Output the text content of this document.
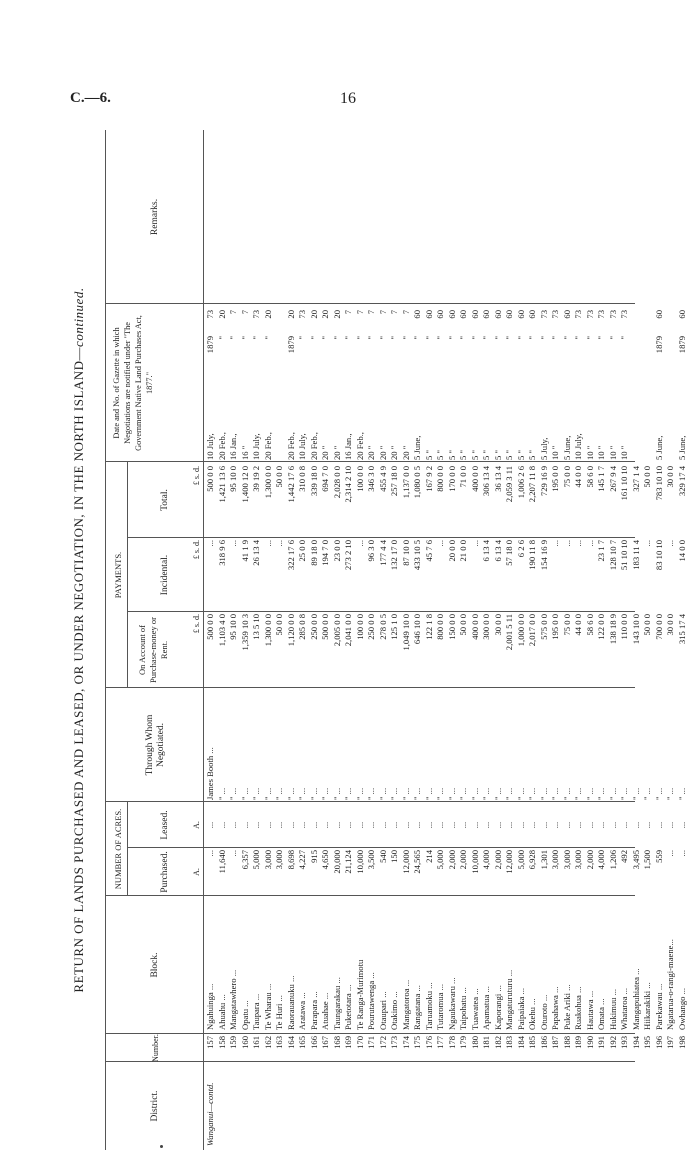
C.—6.	16
RETURN OF LANDS PURCHASED AND LEASED, OR UNDER NEGOTIATION, IN THE NORTH ISLAND—continued.
District.
Number.
Block.
NUMBER OF ACRES.	Purchased.
Leased.
Through Whom Negotiated.
PAYMENTS.
On Account of Purchase-money or Rent.
Incidental.
Total.
Date and No. of Gazette in which Negotiations are notified under "The Government Native Land Purchases Act, 1877."
Remarks.
A.
A.
£ s. d.
£ s. d.
£ s. d.
Wanganui—contd.
157
Ngahuinga ...
...
...
James Booth ...
500 0 0
...
500 0 0
10 July,
1879
73
158
Ahuahu ...
11,640
...
" ...
1,103 4 0
318 9 6
1,421 13 6
20 Feb.,
"
20
159
Mangatawhero ...
...
...
" ...
95 10 0
...
95 10 0
16 Jan.,
"
7
160
Opatu ...
6,357
...
" ...
1,359 10 3
41 1 9
1,400 12 0
16 "
"
7
161
Taupara ...
5,000
...
" ...
13 5 10
26 13 4
39 19 2
10 July,
"
73
162
Te Wharau ...
3,000
...
" ...
1,300 0 0
...
1,300 0 0
20 Feb.,
"
20
163
Te Huri ...
3,000
...
" ...
50 0 0
...
50 0 0
164
Raorauanuku ...
8,698
...
" ...
1,120 0 0
322 17 6
1,442 17 6
20 Feb.,
1879
20
165
Aratawa ...
4,227
...
" ...
285 0 8
25 0 0
310 0 8
10 July,
"
73
166
Parapara ...
915
...
" ...
250 0 0
89 18 0
339 18 0
20 Feb.,
"
20
167
Atuahae ...
4,650
...
" ...
500 0 0
194 7 0
694 7 0
20 "
"
20
168
Taungarakau ...
20,000
...
" ...
2,005 0 0
23 0 0
2,028 0 0
20 "
"
20
169
Puketotara ...
21,124
...
" ...
2,041 0 0
273 2 10
2,314 2 10
16 Jan.,
"
7
170
Te Ranga-Murimotu
10,000
...
" ...
100 0 0
...
100 0 0
20 Feb.,
"
7
171
Pourutawenga ...
3,500
...
" ...
250 0 0
96 3 0
346 3 0
20 "
"
7
172
Otaupari ...
540
...
" ...
278 0 5
177 4 4
455 4 9
20 "
"
7
173
Otakimo ...
150
...
" ...
125 1 0
132 17 0
257 18 0
20 "
"
7
174
Mangatoroa ...
12,000
...
" ...
1,049 10 0
87 10 0
1,137 0 0
20 "
"
7
175
Rangatana ...
24,565
...
" ...
646 10 0
433 10 5
1,080 0 5
5 June,
"
60
176
Taruamoku ...
214
...
" ...
122 1 8
45 7 6
167 9 2
5 "
"
60
177
Tutaromua ...
5,000
...
" ...
800 0 0
...
800 0 0
5 "
"
60
178
Ngaukawaru ...
2,000
...
" ...
150 0 0
20 0 0
170 0 0
5 "
"
60
179
Taipohatu ...
2,000
...
" ...
50 0 0
21 0 0
71 0 0
5 "
"
60
180
Tuawatea ...
10,000
...
" ...
400 0 0
...
400 0 0
5 "
"
60
181
Apamatua ...
4,000
...
" ...
300 0 0
6 13 4
306 13 4
5 "
"
60
182
Kaporangi ...
2,000
...
" ...
30 0 0
6 13 4
36 13 4
5 "
"
60
183
Mangaturuturu ...
12,000
...
" ...
2,001 5 11
57 18 0
2,059 3 11
5 "
"
60
184
Paipaiaka ...
5,000
...
" ...
1,000 0 0
6 2 6
1,006 2 6
5 "
"
60
185
Okehu ...
6,928
...
" ...
2,017 0 0
190 11 8
2,207 11 8
5 "
"
60
186
Oturoto ...
1,301
...
" ...
575 0 0
154 16 9
729 16 9
5 July,
"
73
187
Papahawa ...
3,000
...
" ...
195 0 0
...
195 0 0
10 "
"
73
188
Puke Ariki ...
3,000
...
" ...
75 0 0
...
75 0 0
5 June,
"
60
189
Ruakohua ...
3,000
...
" ...
44 0 0
...
44 0 0
10 July,
"
73
190
Hautawa ...
2,000
...
" ...
58 6 0
...
58 6 0
10 "
"
73
191
Omata ...
4,000
...
" ...
122 0 0
23 1 7
145 1 7
10 "
"
73
192
Hukimuu ...
1,206
...
" ...
138 18 9
128 10 7
267 9 4
10 "
"
73
193
Whataroa ...
492
...
" ...
110 0 0
51 10 10
161 10 10
10 "
"
73
194
Mangapuhiatea ...
3,495
...
" ...
143 10 0
183 11 4
327 1 4
195
Hiikarakiki ...
1,500
...
" ...
50 0 0
...
50 0 0
196
Parekawau ...
559
...
" ...
700 0 0
83 10 10
783 10 10
5 June,
1879
60
197
Ngatarua-o-rangi-maene...
...
...
" ...
30 0 0
...
30 0 0
198
Owhango ...
...
...
" ...
315 17 4
14 0 0
329 17 4
5 June,
1879
60
